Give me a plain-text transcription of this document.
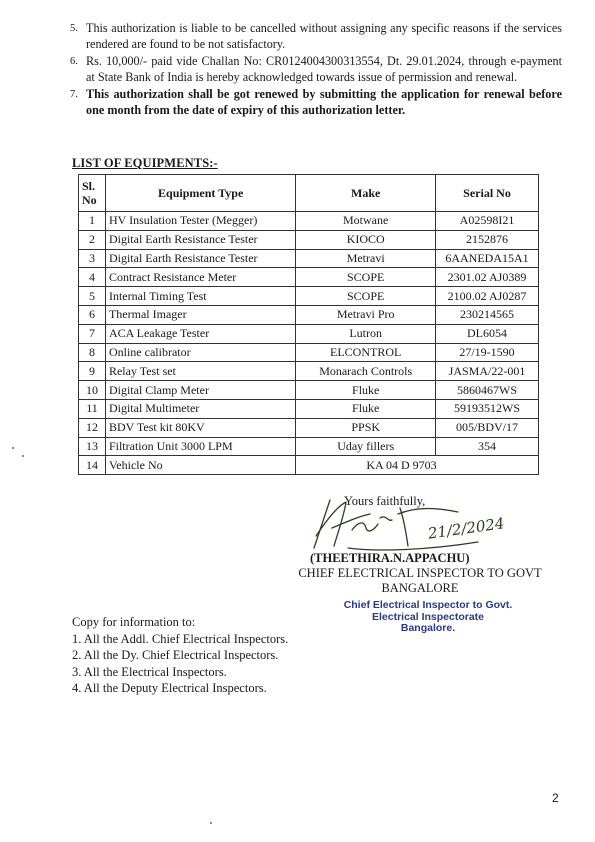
5. This authorization is liable to be cancelled without assigning any specific reasons if the services rendered are found to be not satisfactory.
6. Rs. 10,000/- paid vide Challan No: CR0124004300313554, Dt. 29.01.2024, through e-payment at State Bank of India is hereby acknowledged towards issue of permission and renewal.
7. This authorization shall be got renewed by submitting the application for renewal before one month from the date of expiry of this authorization letter.
LIST OF EQUIPMENTS:-
Sl. No	Equipment Type	Make	Serial No
1	HV Insulation Tester (Megger)	Motwane	A02598I21
2	Digital Earth Resistance Tester	KIOCO	2152876
3	Digital Earth Resistance Tester	Metravi	6AANEDA15A1
4	Contract Resistance Meter	SCOPE	2301.02 AJ0389
5	Internal Timing Test	SCOPE	2100.02 AJ0287
6	Thermal Imager	Metravi Pro	230214565
7	ACA Leakage Tester	Lutron	DL6054
8	Online calibrator	ELCONTROL	27/19-1590
9	Relay Test set	Monarach Controls	JASMA/22-001
10	Digital Clamp Meter	Fluke	5860467WS
11	Digital Multimeter	Fluke	59193512WS
12	BDV Test kit 80KV	PPSK	005/BDV/17
13	Filtration Unit 3000 LPM	Uday fillers	354
14	Vehicle No	KA 04 D 9703	
Yours faithfully,
21/2/2024
(THEETHIRA.N.APPACHU)
CHIEF ELECTRICAL INSPECTOR TO GOVT
BANGALORE
Chief Electrical Inspector to Govt.
Electrical Inspectorate
Bangalore.
Copy for information to:
1. All the Addl. Chief Electrical Inspectors.
2. All the Dy. Chief Electrical Inspectors.
3. All the Electrical Inspectors.
4. All the Deputy Electrical Inspectors.
2
